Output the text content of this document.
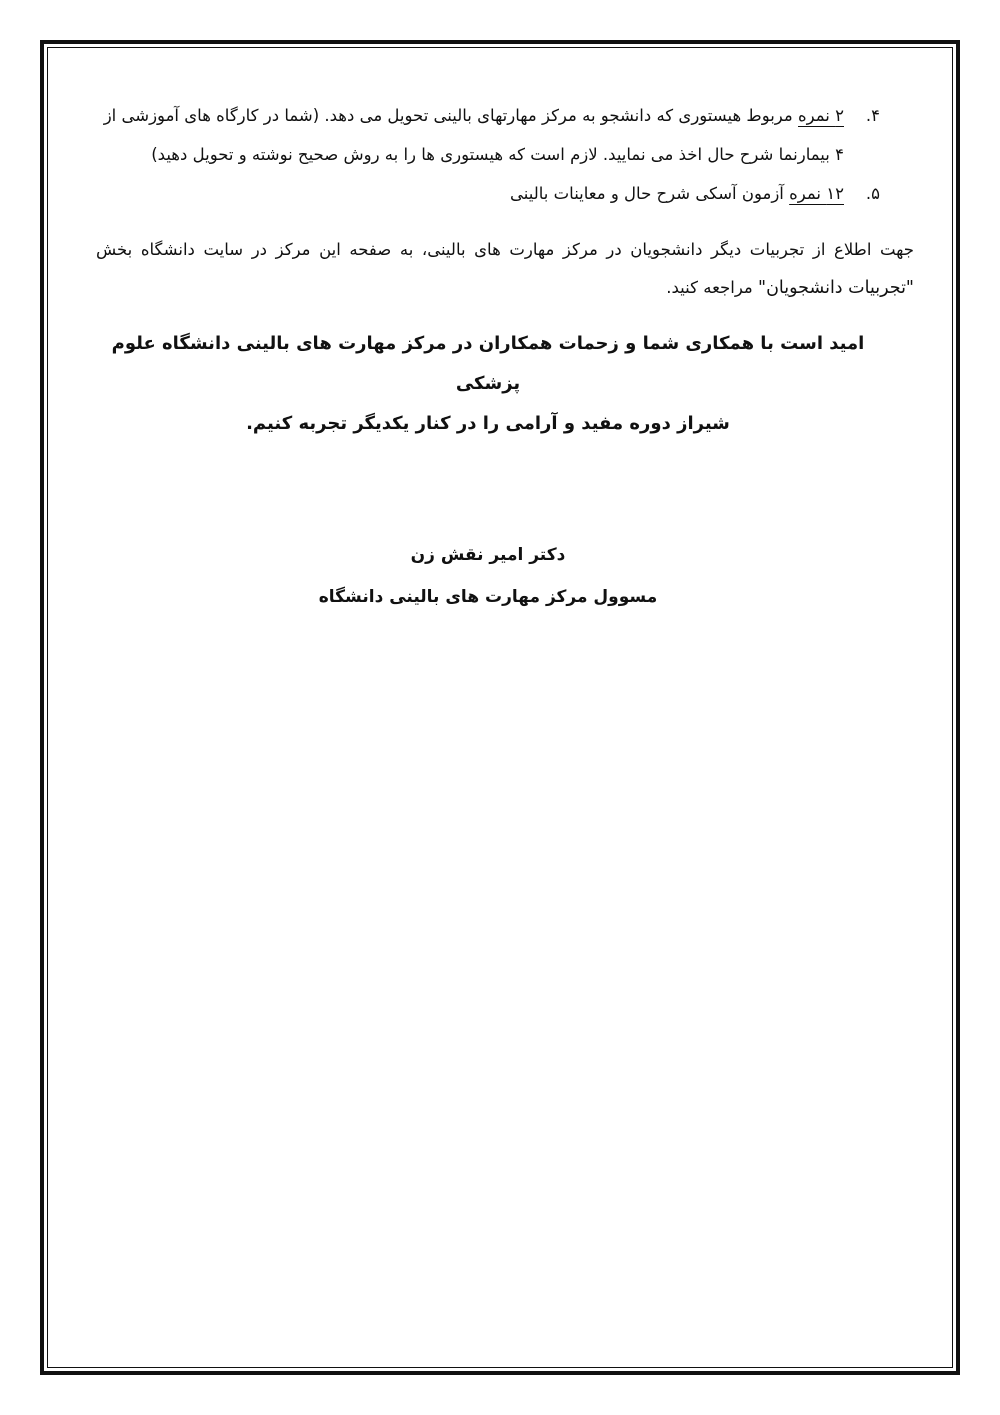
۴.
۲ نمره مربوط هیستوری که دانشجو به مرکز مهارتهای بالینی تحویل می دهد. (شما در کارگاه های آموزشی از ۴ بیمارنما شرح حال اخذ می نمایید. لازم است که هیستوری ها را به روش صحیح نوشته و تحویل دهید)
۵.
۱۲ نمره آزمون آسکی شرح حال و معاینات بالینی

جهت اطلاع از تجربیات دیگر دانشجویان در مرکز مهارت های بالینی، به صفحه این مرکز در سایت دانشگاه بخش "تجربیات دانشجویان" مراجعه کنید.

امید است با همکاری شما و زحمات همکاران در مرکز مهارت های بالینی دانشگاه علوم پزشکی
شیراز دوره مفید و آرامی را در کنار یکدیگر تجربه کنیم.
دکتر امیر نقش زن
مسوول مرکز مهارت های بالینی دانشگاه
